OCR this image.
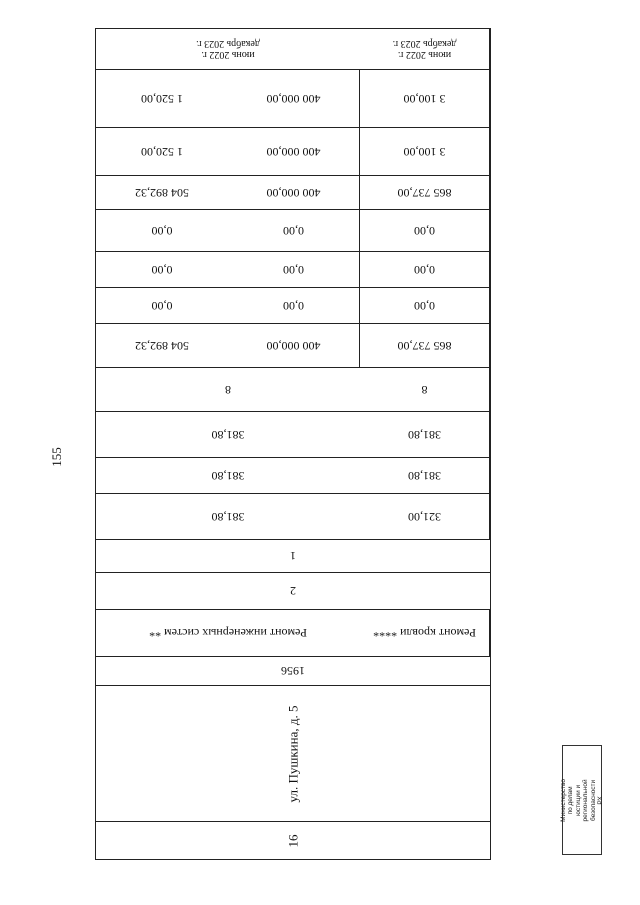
155
июнь 2022 г.
декабрь 2023 г.
июнь 2022 г.
декабрь 2023 г.
1 520,00	400 000,00	3 100,00
1 520,00	400 000,00	3 100,00
504 892,32	400 000,00	865 737,00
0,00	0,00	0,00
0,00	0,00	0,00
0,00	0,00	0,00
504 892,32	400 000,00	865 737,00
8	8
381,80	381,80
381,80	381,80
381,80	321,00
1
2
Ремонт инженерных систем **	Ремонт кровли ****
1956
ул. Пушкина, д. 5
16
Министерство по делам юстиции и региональной безопасности РХ
